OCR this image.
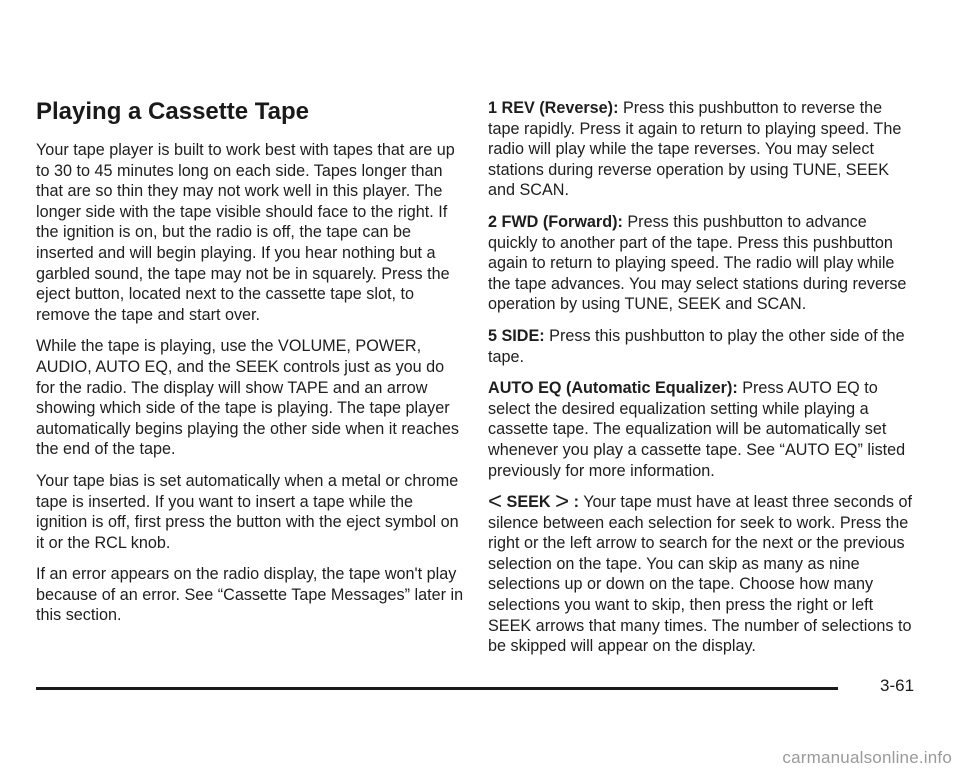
Playing a Cassette Tape

Your tape player is built to work best with tapes that are up to 30 to 45 minutes long on each side. Tapes longer than that are so thin they may not work well in this player. The longer side with the tape visible should face to the right. If the ignition is on, but the radio is off, the tape can be inserted and will begin playing. If you hear nothing but a garbled sound, the tape may not be in squarely. Press the eject button, located next to the cassette tape slot, to remove the tape and start over.

While the tape is playing, use the VOLUME, POWER, AUDIO, AUTO EQ, and the SEEK controls just as you do for the radio. The display will show TAPE and an arrow showing which side of the tape is playing. The tape player automatically begins playing the other side when it reaches the end of the tape.

Your tape bias is set automatically when a metal or chrome tape is inserted. If you want to insert a tape while the ignition is off, first press the button with the eject symbol on it or the RCL knob.

If an error appears on the radio display, the tape won't play because of an error. See “Cassette Tape Messages” later in this section.

1 REV (Reverse): Press this pushbutton to reverse the tape rapidly. Press it again to return to playing speed. The radio will play while the tape reverses. You may select stations during reverse operation by using TUNE, SEEK and SCAN.

2 FWD (Forward): Press this pushbutton to advance quickly to another part of the tape. Press this pushbutton again to return to playing speed. The radio will play while the tape advances. You may select stations during reverse operation by using TUNE, SEEK and SCAN.

5 SIDE: Press this pushbutton to play the other side of the tape.

AUTO EQ (Automatic Equalizer): Press AUTO EQ to select the desired equalization setting while playing a cassette tape. The equalization will be automatically set whenever you play a cassette tape. See “AUTO EQ” listed previously for more information.

< SEEK > : Your tape must have at least three seconds of silence between each selection for seek to work. Press the right or the left arrow to search for the next or the previous selection on the tape. You can skip as many as nine selections up or down on the tape. Choose how many selections you want to skip, then press the right or left SEEK arrows that many times. The number of selections to be skipped will appear on the display.

3-61
carmanualsonline.info
